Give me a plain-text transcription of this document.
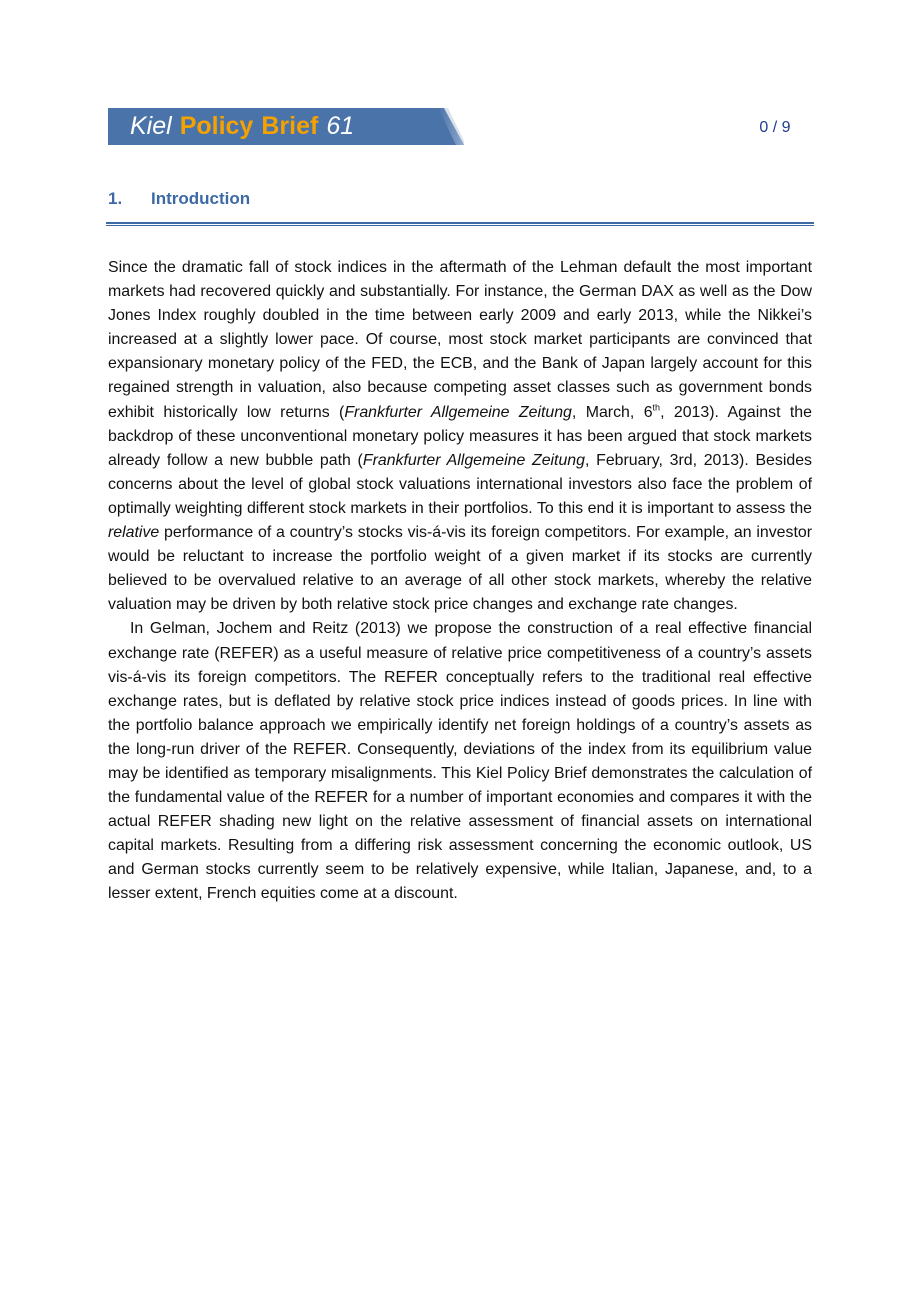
Kiel Policy Brief 61	0 / 9
1. Introduction

Since the dramatic fall of stock indices in the aftermath of the Lehman default the most important markets had recovered quickly and substantially. For instance, the German DAX as well as the Dow Jones Index roughly doubled in the time between early 2009 and early 2013, while the Nikkei’s increased at a slightly lower pace. Of course, most stock market participants are convinced that expansionary monetary policy of the FED, the ECB, and the Bank of Japan largely account for this regained strength in valuation, also because competing asset classes such as government bonds exhibit historically low returns (Frankfurter Allgemeine Zeitung, March, 6th, 2013). Against the backdrop of these unconventional monetary policy measures it has been argued that stock markets already follow a new bubble path (Frankfurter Allgemeine Zeitung, February, 3rd, 2013). Besides concerns about the level of global stock valuations international investors also face the problem of optimally weighting different stock markets in their portfolios. To this end it is important to assess the relative performance of a country’s stocks vis-á-vis its foreign competitors. For example, an investor would be reluctant to increase the portfolio weight of a given market if its stocks are currently believed to be overvalued relative to an average of all other stock markets, whereby the relative valuation may be driven by both relative stock price changes and exchange rate changes.

In Gelman, Jochem and Reitz (2013) we propose the construction of a real effective financial exchange rate (REFER) as a useful measure of relative price competitiveness of a country’s assets vis-á-vis its foreign competitors. The REFER conceptually refers to the traditional real effective exchange rates, but is deflated by relative stock price indices instead of goods prices. In line with the portfolio balance approach we empirically identify net foreign holdings of a country’s assets as the long-run driver of the REFER. Consequently, deviations of the index from its equilibrium value may be identified as temporary misalignments. This Kiel Policy Brief demonstrates the calculation of the fundamental value of the REFER for a number of important economies and compares it with the actual REFER shading new light on the relative assessment of financial assets on international capital markets. Resulting from a differing risk assessment concerning the economic outlook, US and German stocks currently seem to be relatively expensive, while Italian, Japanese, and, to a lesser extent, French equities come at a discount.
